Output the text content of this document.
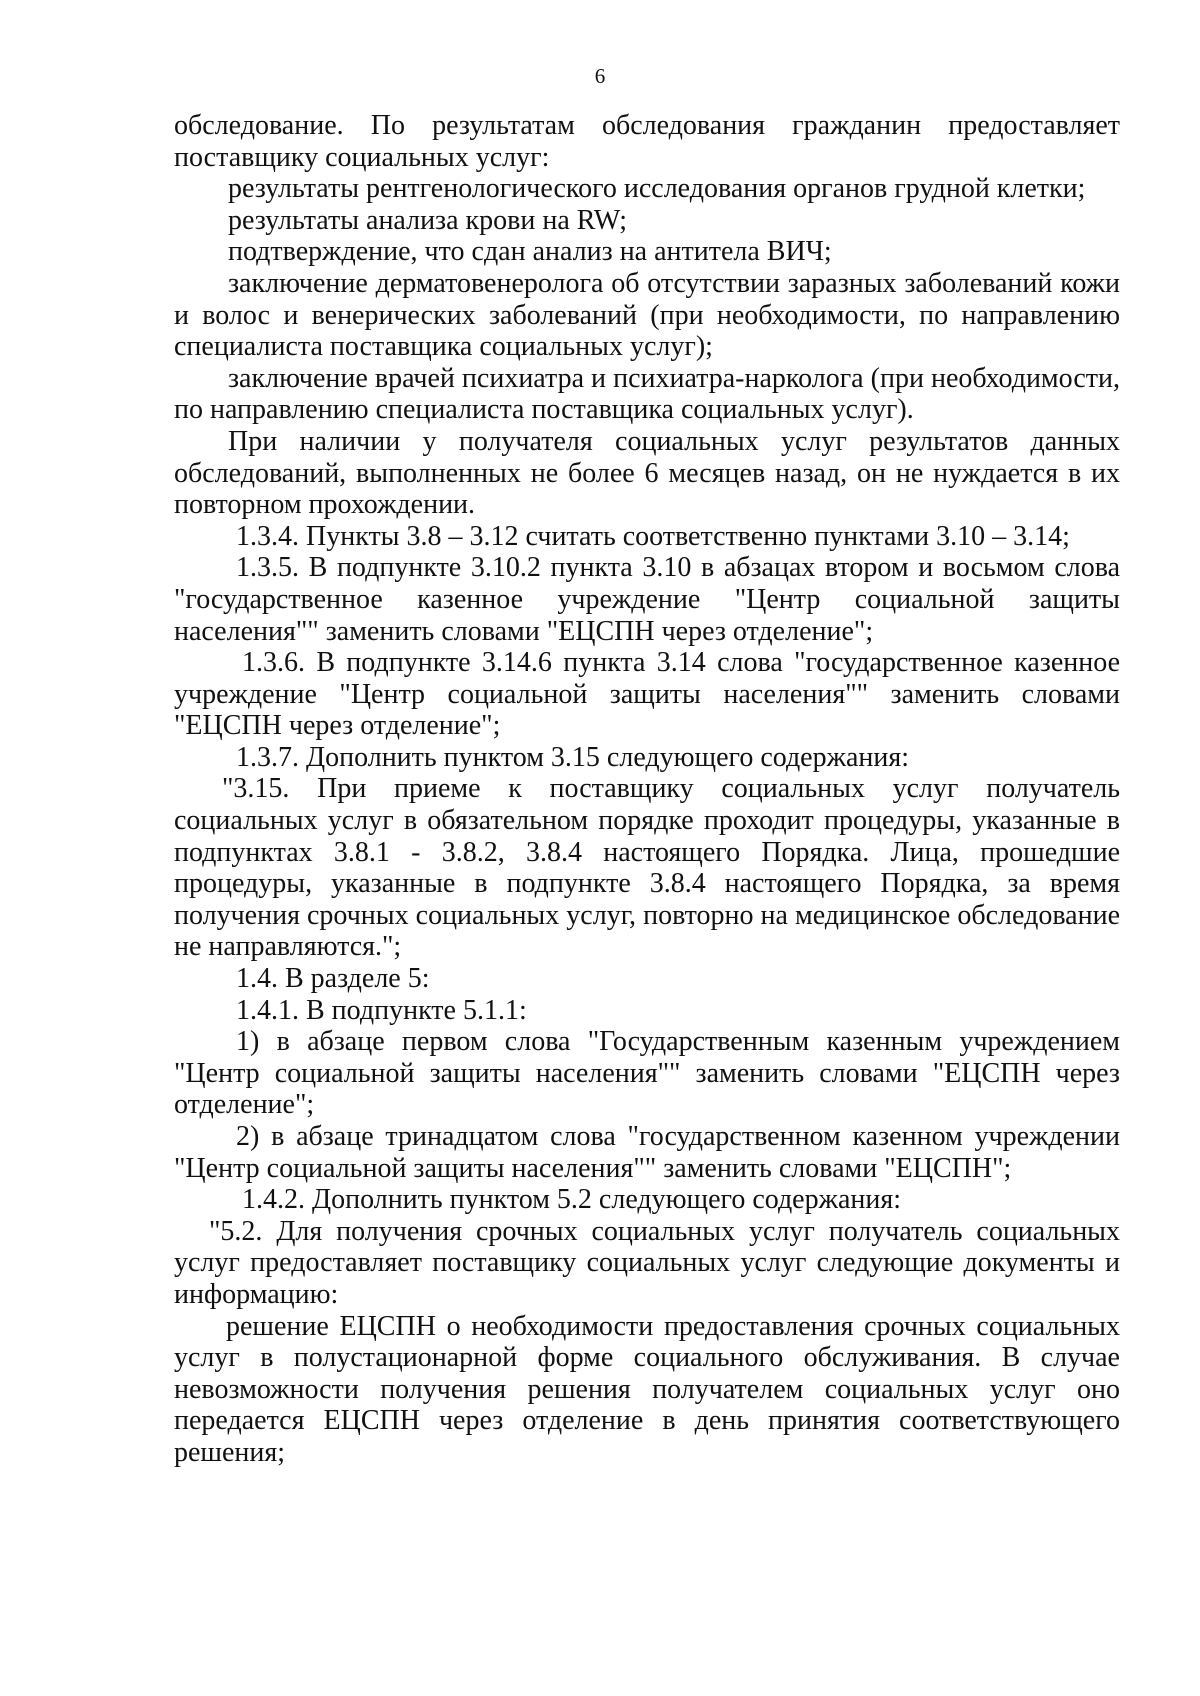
6

обследование. По результатам обследования гражданин предоставляет поставщику социальных услуг:

результаты рентгенологического исследования органов грудной клетки;

результаты анализа крови на RW;

подтверждение, что сдан анализ на антитела ВИЧ;

заключение дерматовенеролога об отсутствии заразных заболеваний кожи и волос и венерических заболеваний (при необходимости, по направлению специалиста поставщика социальных услуг);

заключение врачей психиатра и психиатра-нарколога (при необходимости, по направлению специалиста поставщика социальных услуг).

При наличии у получателя социальных услуг результатов данных обследований, выполненных не более 6 месяцев назад, он не нуждается в их повторном прохождении.

1.3.4. Пункты 3.8 – 3.12 считать соответственно пунктами 3.10 – 3.14;

1.3.5. В подпункте 3.10.2 пункта 3.10 в абзацах втором и восьмом слова "государственное казенное учреждение "Центр социальной защиты населения"" заменить словами "ЕЦСПН через отделение";

1.3.6. В подпункте 3.14.6 пункта 3.14 слова "государственное казенное учреждение "Центр социальной защиты населения"" заменить словами "ЕЦСПН через отделение";

1.3.7. Дополнить пунктом 3.15 следующего содержания:

"3.15. При приеме к поставщику социальных услуг получатель социальных услуг в обязательном порядке проходит процедуры, указанные в подпунктах 3.8.1 - 3.8.2, 3.8.4 настоящего Порядка. Лица, прошедшие процедуры, указанные в подпункте 3.8.4 настоящего Порядка, за время получения срочных социальных услуг, повторно на медицинское обследование не направляются.";

1.4. В разделе 5:

1.4.1. В подпункте 5.1.1:

1) в абзаце первом слова "Государственным казенным учреждением "Центр социальной защиты населения"" заменить словами "ЕЦСПН через отделение";

2) в абзаце тринадцатом слова "государственном казенном учреждении "Центр социальной защиты населения"" заменить словами "ЕЦСПН";

1.4.2. Дополнить пунктом 5.2 следующего содержания:

"5.2. Для получения срочных социальных услуг получатель социальных услуг предоставляет поставщику социальных услуг следующие документы и информацию:

решение ЕЦСПН о необходимости предоставления срочных социальных услуг в полустационарной форме социального обслуживания. В случае невозможности получения решения получателем социальных услуг оно передается ЕЦСПН через отделение в день принятия соответствующего решения;
